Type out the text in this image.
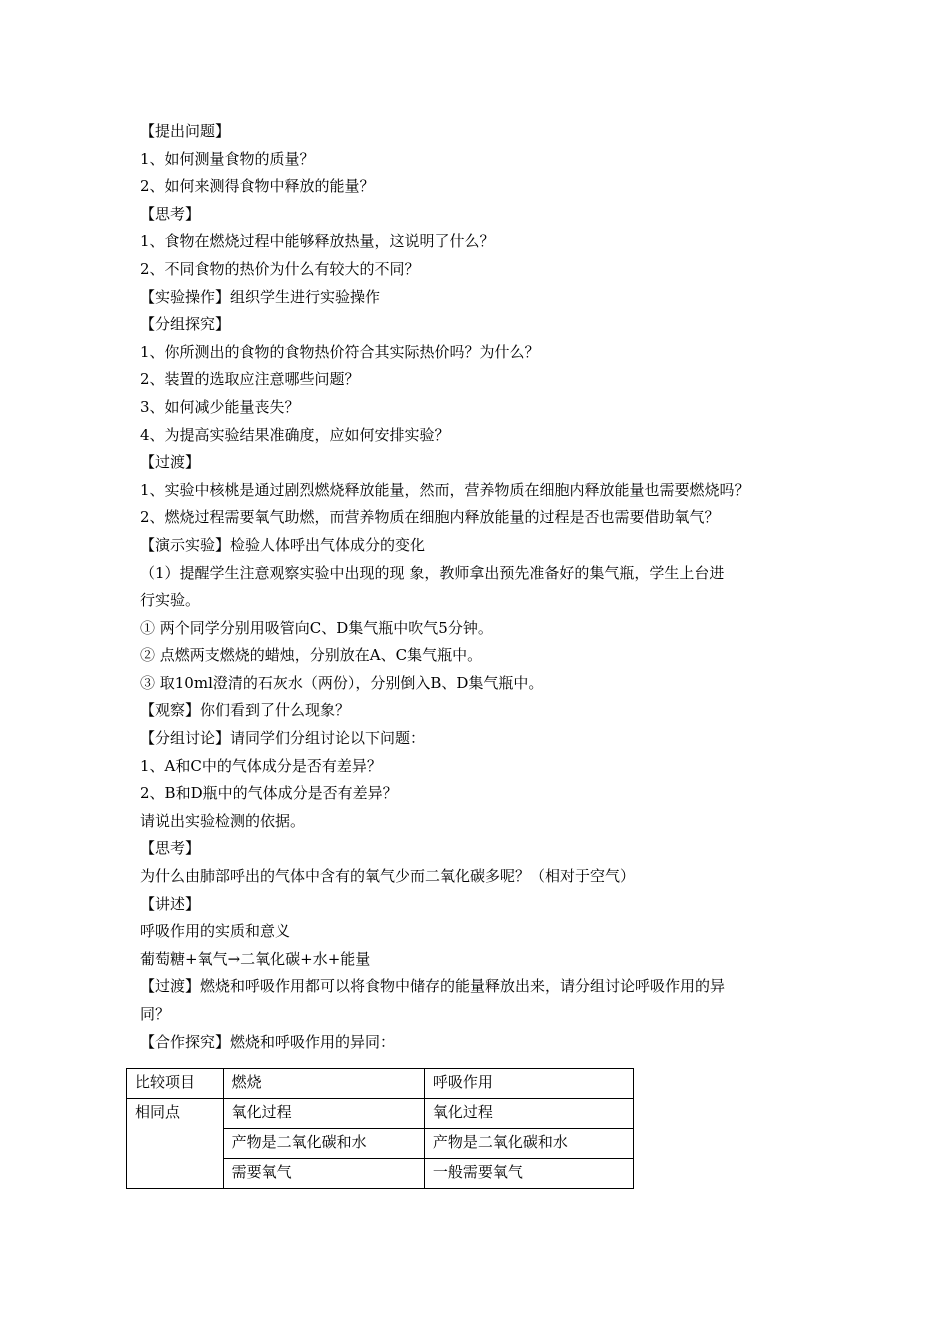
【提出问题】
1、如何测量食物的质量？
2、如何来测得食物中释放的能量？
【思考】
1、食物在燃烧过程中能够释放热量，这说明了什么？
2、不同食物的热价为什么有较大的不同？
【实验操作】组织学生进行实验操作
【分组探究】
1、你所测出的食物的食物热价符合其实际热价吗？为什么？
2、装置的选取应注意哪些问题？
3、如何减少能量丧失？
4、为提高实验结果准确度，应如何安排实验？
【过渡】
1、实验中核桃是通过剧烈燃烧释放能量，然而，营养物质在细胞内释放能量也需要燃烧吗？
2、燃烧过程需要氧气助燃，而营养物质在细胞内释放能量的过程是否也需要借助氧气？
【演示实验】检验人体呼出气体成分的变化
（1）提醒学生注意观察实验中出现的现 象，教师拿出预先准备好的集气瓶，学生上台进
行实验。
① 两个同学分别用吸管向C、D集气瓶中吹气5分钟。
② 点燃两支燃烧的蜡烛，分别放在A、C集气瓶中。
③ 取10ml澄清的石灰水（两份），分别倒入B、D集气瓶中。
【观察】你们看到了什么现象？
【分组讨论】请同学们分组讨论以下问题：
1、A和C中的气体成分是否有差异？
2、B和D瓶中的气体成分是否有差异？
请说出实验检测的依据。
【思考】
为什么由肺部呼出的气体中含有的氧气少而二氧化碳多呢？（相对于空气）
【讲述】
呼吸作用的实质和意义
葡萄糖+氧气→二氧化碳+水+能量
【过渡】燃烧和呼吸作用都可以将食物中储存的能量释放出来，请分组讨论呼吸作用的异
同？
【合作探究】燃烧和呼吸作用的异同：
比较项目	燃烧	呼吸作用
相同点	氧化过程	氧化过程
	产物是二氧化碳和水	产物是二氧化碳和水
	需要氧气	一般需要氧气
